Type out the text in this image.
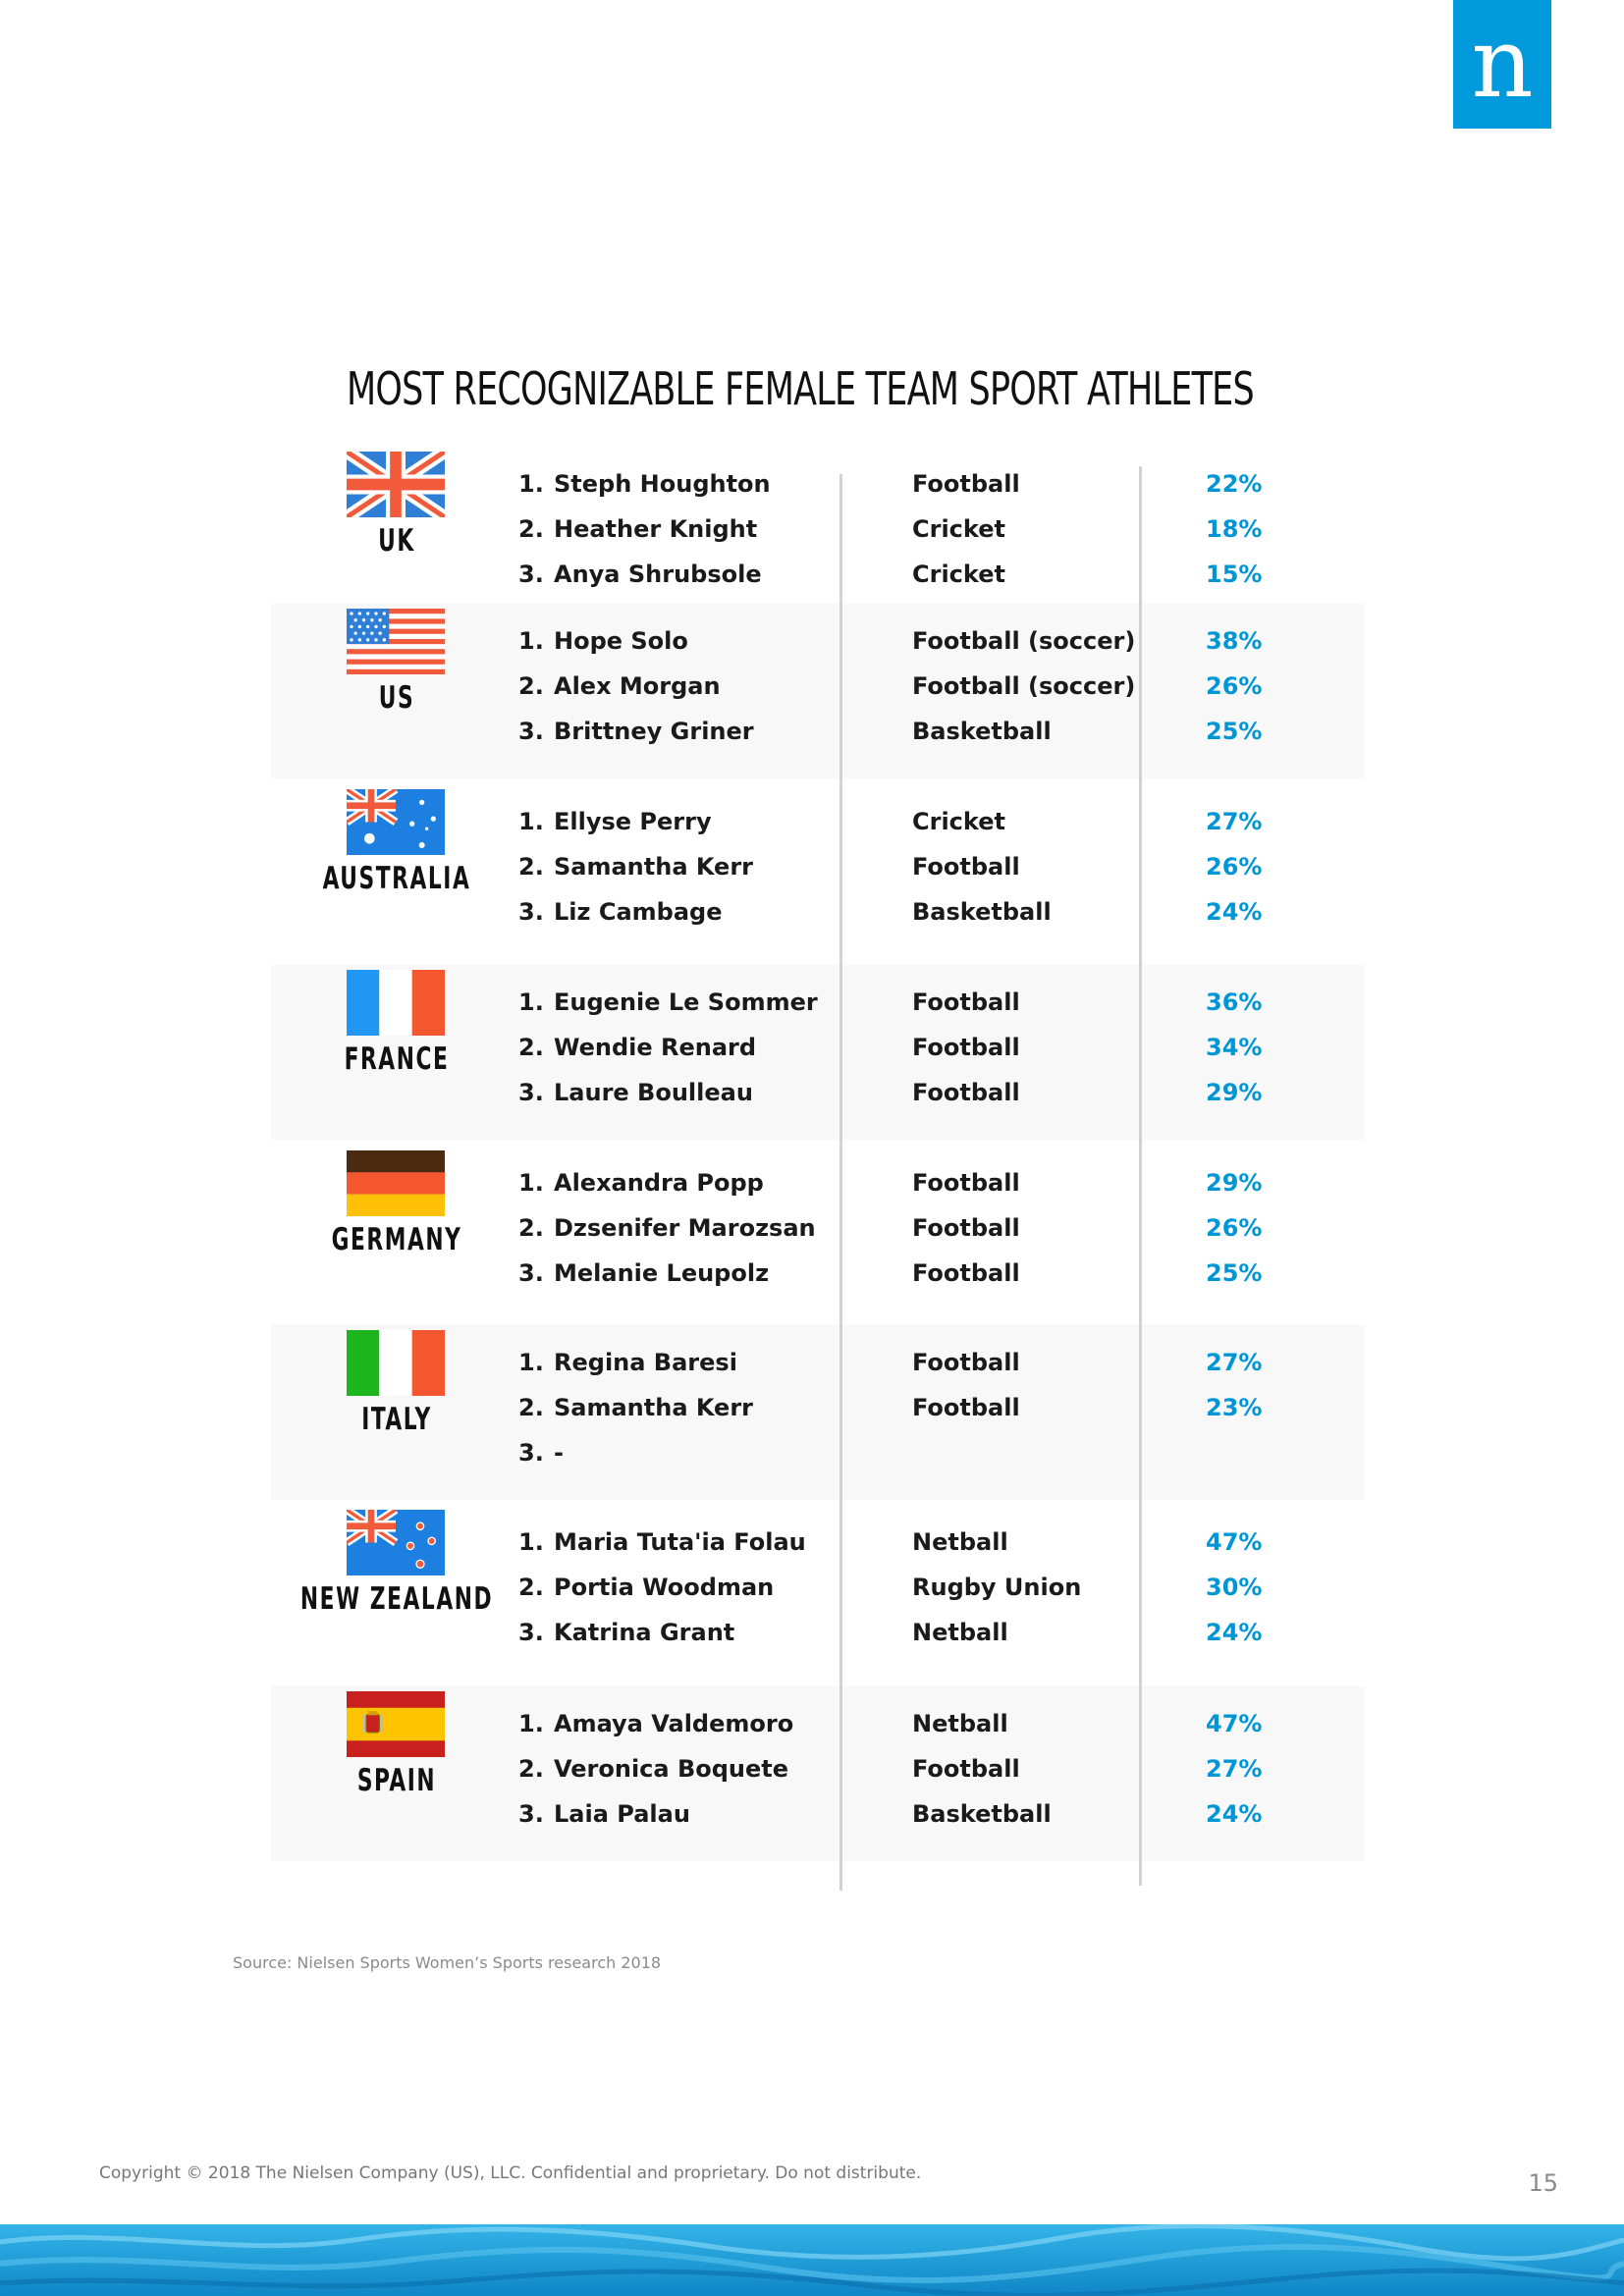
n
MOST RECOGNIZABLE FEMALE TEAM SPORT ATHLETES
SPAIN
1. Amaya Valdemoro	Netball	47%
2. Veronica Boquete	Football	27%
3. Laia Palau	Basketball	24%
NEW ZEALAND
1. Maria Tuta'ia Folau	Netball	47%
2. Portia Woodman	Rugby Union	30%
3. Katrina Grant	Netball	24%
ITALY
1. Regina Baresi	Football	27%
2. Samantha Kerr	Football	23%
3. -
GERMANY
1. Alexandra Popp	Football	29%
2. Dzsenifer Marozsan	Football	26%
3. Melanie Leupolz	Football	25%
FRANCE
1. Eugenie Le Sommer	Football	36%
2. Wendie Renard	Football	34%
3. Laure Boulleau	Football	29%
AUSTRALIA
1. Ellyse Perry	Cricket	27%
2. Samantha Kerr	Football	26%
3. Liz Cambage	Basketball	24%
US
1. Hope Solo	Football (soccer)	38%
2. Alex Morgan	Football (soccer)	26%
3. Brittney Griner	Basketball	25%
UK
1. Steph Houghton	Football	22%
2. Heather Knight	Cricket	18%
3. Anya Shrubsole	Cricket	15%
Source: Nielsen Sports Women’s Sports research 2018
Copyright © 2018 The Nielsen Company (US), LLC. Confidential and proprietary. Do not distribute.	15
